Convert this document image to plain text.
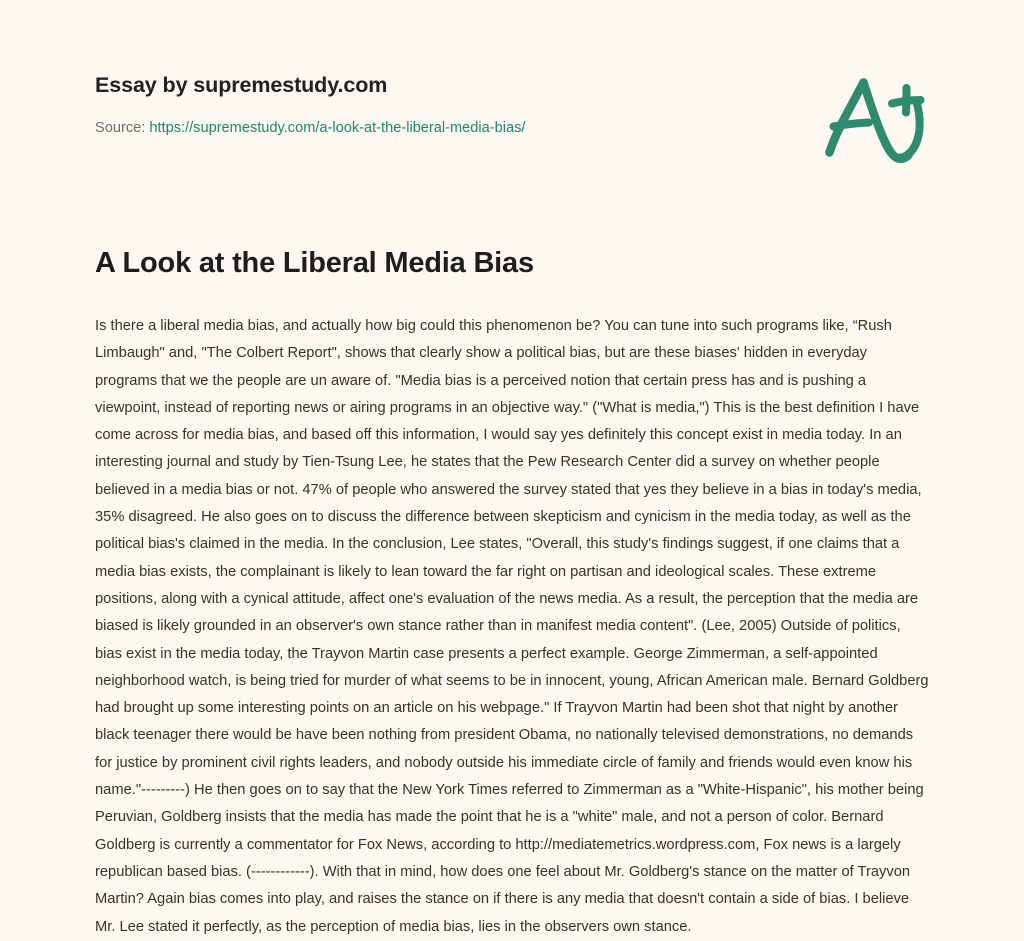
Essay by supremestudy.com
Source: https://supremestudy.com/a-look-at-the-liberal-media-bias/
A Look at the Liberal Media Bias

Is there a liberal media bias, and actually how big could this phenomenon be? You can tune into such programs like, “Rush Limbaugh" and, "The Colbert Report", shows that clearly show a political bias, but are these biases' hidden in everyday programs that we the people are un aware of. "Media bias is a perceived notion that certain press has and is pushing a viewpoint, instead of reporting news or airing programs in an objective way." ("What is media,") This is the best definition I have come across for media bias, and based off this information, I would say yes definitely this concept exist in media today. In an interesting journal and study by Tien-Tsung Lee, he states that the Pew Research Center did a survey on whether people believed in a media bias or not. 47% of people who answered the survey stated that yes they believe in a bias in today's media, 35% disagreed. He also goes on to discuss the difference between skepticism and cynicism in the media today, as well as the political bias's claimed in the media. In the conclusion, Lee states, "Overall, this study's findings suggest, if one claims that a media bias exists, the complainant is likely to lean toward the far right on partisan and ideological scales. These extreme positions, along with a cynical attitude, affect one's evaluation of the news media. As a result, the perception that the media are biased is likely grounded in an observer's own stance rather than in manifest media content". (Lee, 2005) Outside of politics, bias exist in the media today, the Trayvon Martin case presents a perfect example. George Zimmerman, a self-appointed neighborhood watch, is being tried for murder of what seems to be in innocent, young, African American male. Bernard Goldberg had brought up some interesting points on an article on his webpage." If Trayvon Martin had been shot that night by another black teenager there would be have been nothing from president Obama, no nationally televised demonstrations, no demands for justice by prominent civil rights leaders, and nobody outside his immediate circle of family and friends would even know his name."---------) He then goes on to say that the New York Times referred to Zimmerman as a "White-Hispanic", his mother being Peruvian, Goldberg insists that the media has made the point that he is a "white" male, and not a person of color. Bernard Goldberg is currently a commentator for Fox News, according to http://mediatemetrics.wordpress.com, Fox news is a largely republican based bias. (------------). With that in mind, how does one feel about Mr. Goldberg's stance on the matter of Trayvon Martin? Again bias comes into play, and raises the stance on if there is any media that doesn't contain a side of bias. I believe Mr. Lee stated it perfectly, as the perception of media bias, lies in the observers own stance.
